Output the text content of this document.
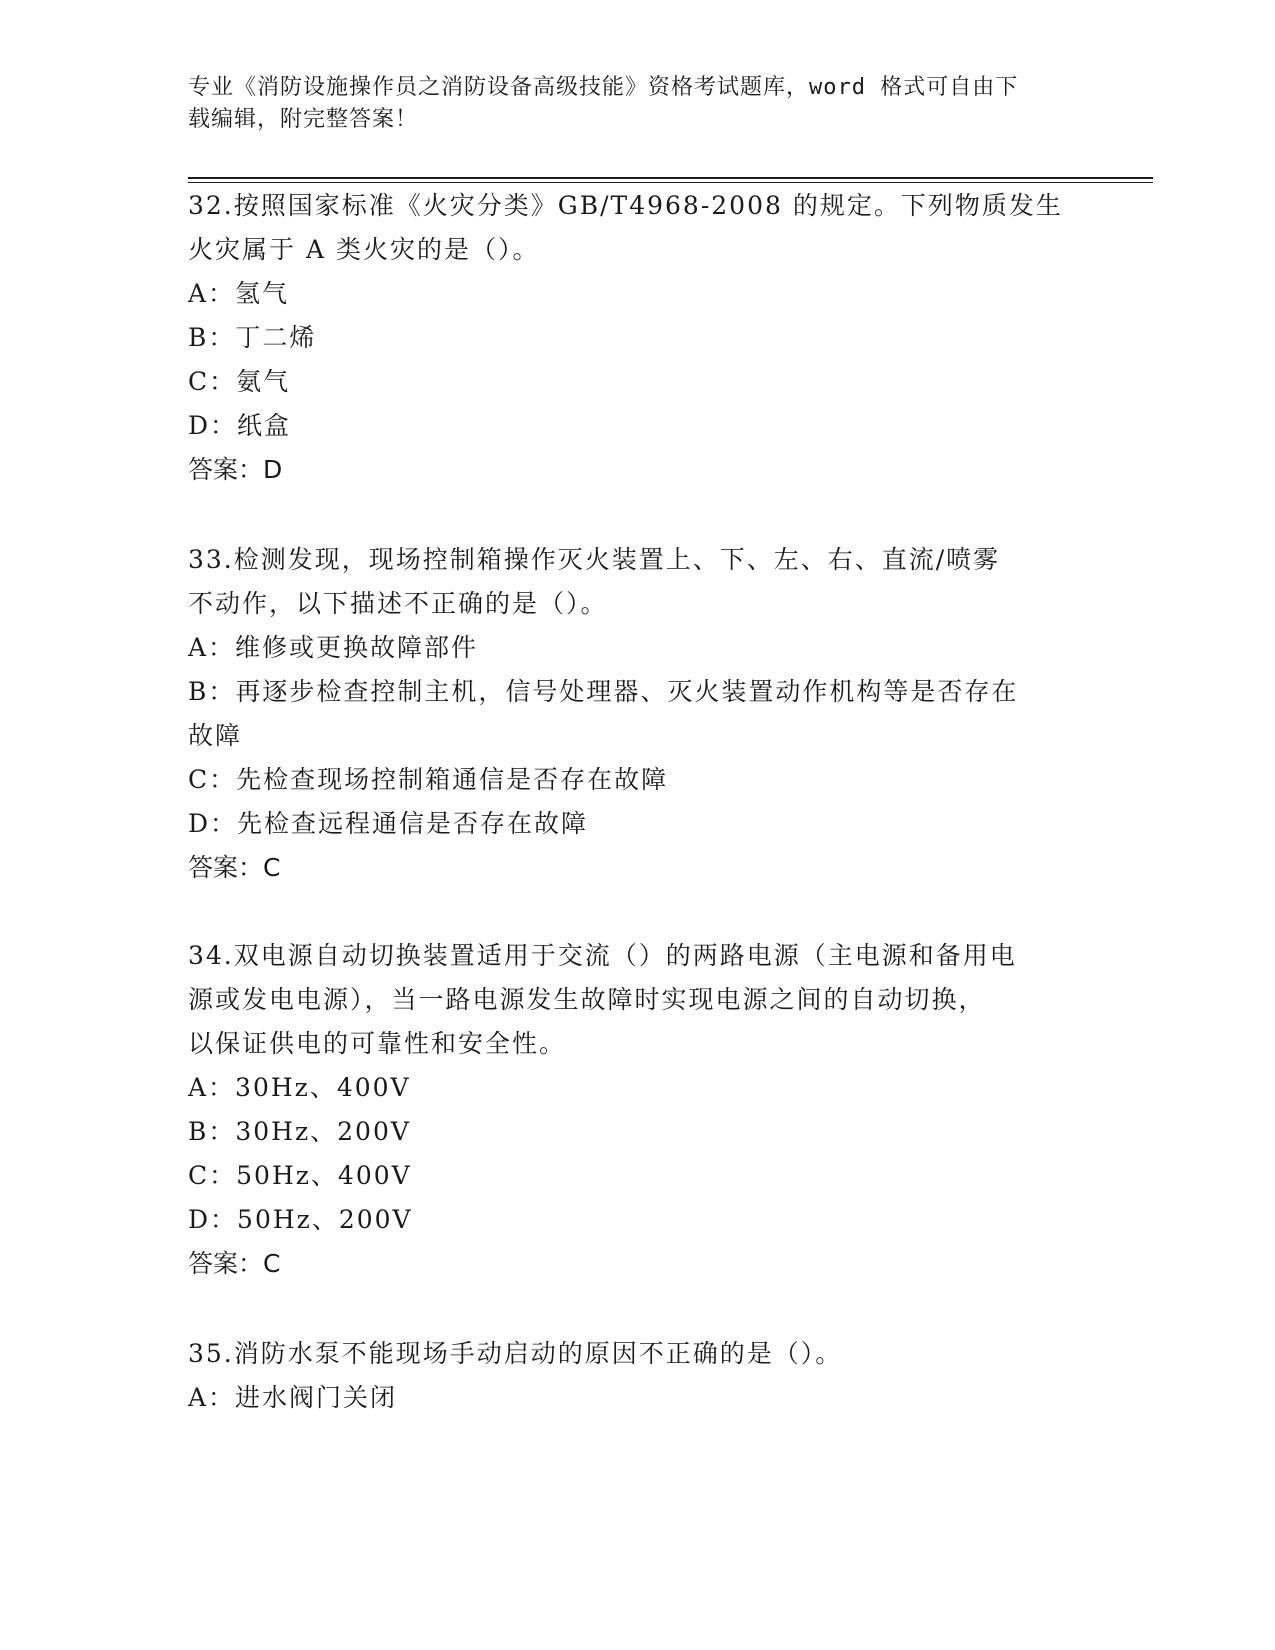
专业《消防设施操作员之消防设备高级技能》资格考试题库，word 格式可自由下
载编辑，附完整答案！
32.按照国家标准《火灾分类》GB/T4968-2008 的规定。下列物质发生
火灾属于 A 类火灾的是（）。
A：氢气
B：丁二烯
C：氨气
D：纸盒
答案：D
33.检测发现，现场控制箱操作灭火装置上、下、左、右、直流/喷雾
不动作，以下描述不正确的是（）。
A：维修或更换故障部件
B：再逐步检查控制主机，信号处理器、灭火装置动作机构等是否存在
故障
C：先检查现场控制箱通信是否存在故障
D：先检查远程通信是否存在故障
答案：C
34.双电源自动切换装置适用于交流（）的两路电源（主电源和备用电
源或发电电源），当一路电源发生故障时实现电源之间的自动切换，
以保证供电的可靠性和安全性。
A：30Hz、400V
B：30Hz、200V
C：50Hz、400V
D：50Hz、200V
答案：C
35.消防水泵不能现场手动启动的原因不正确的是（）。
A：进水阀门关闭
